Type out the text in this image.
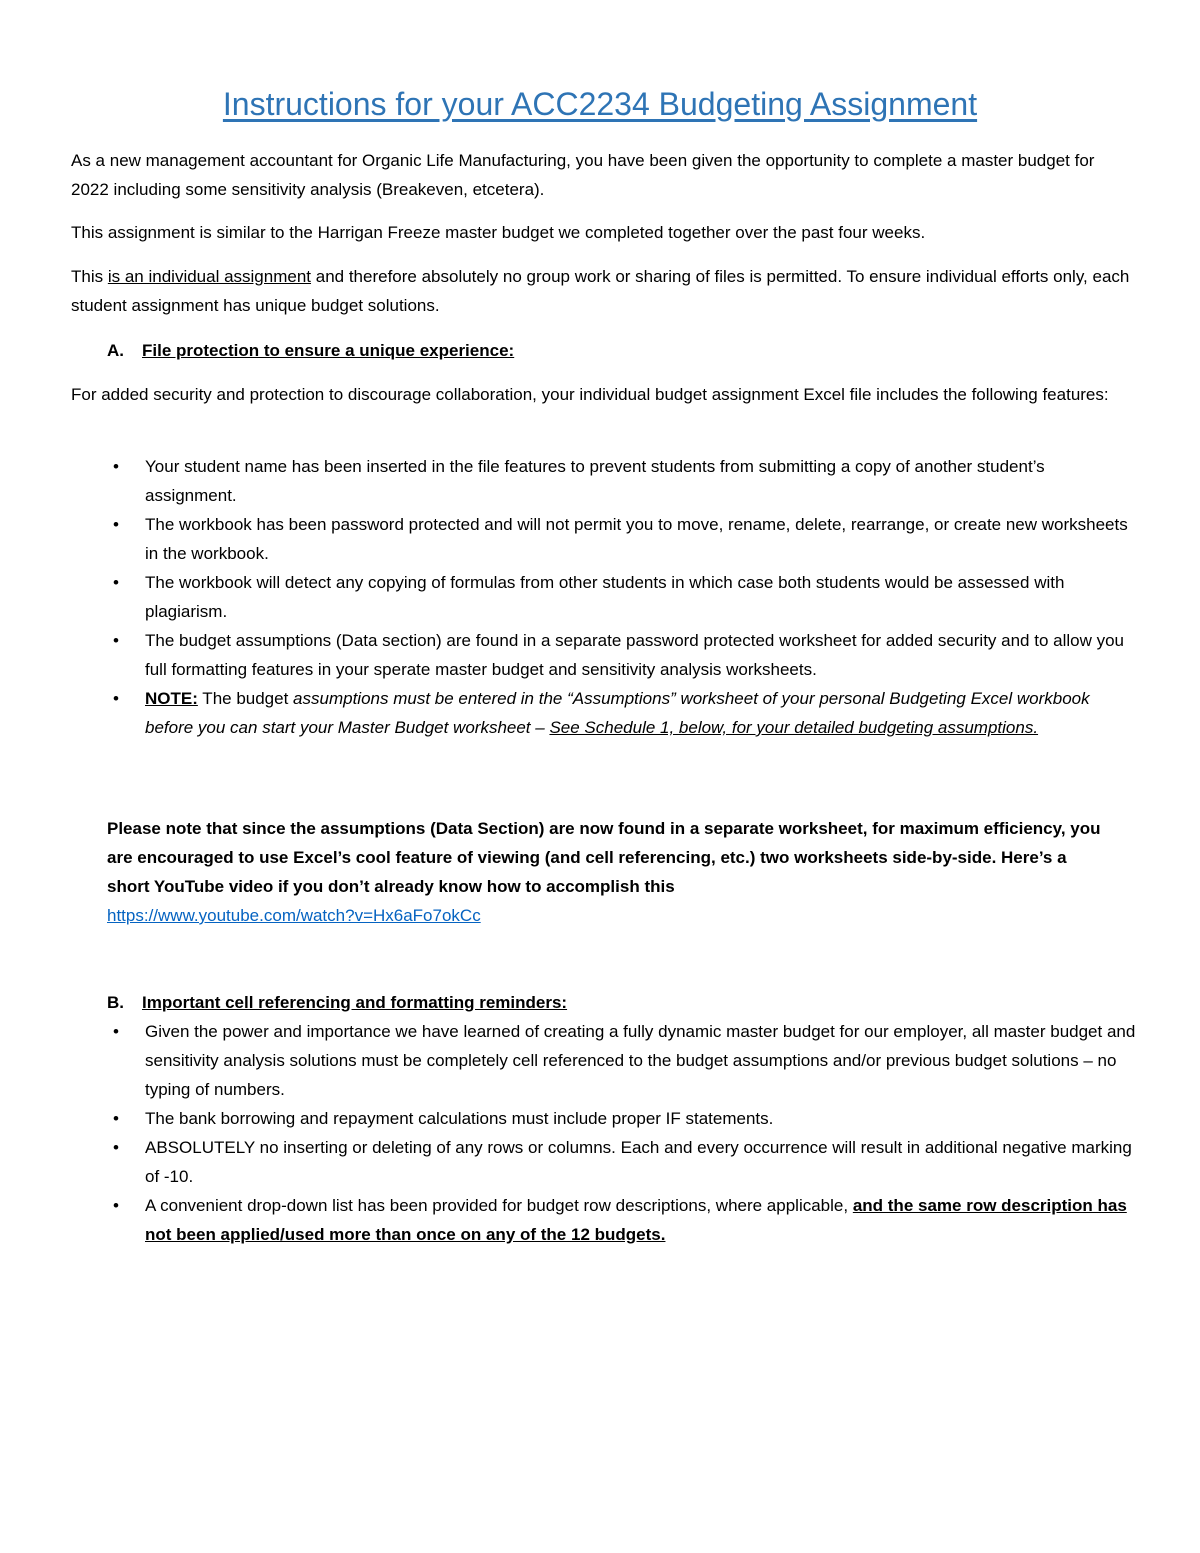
Instructions for your ACC2234 Budgeting Assignment

As a new management accountant for Organic Life Manufacturing, you have been given the opportunity to complete a master budget for 2022 including some sensitivity analysis (Breakeven, etcetera).

This assignment is similar to the Harrigan Freeze master budget we completed together over the past four weeks.

This is an individual assignment and therefore absolutely no group work or sharing of files is permitted. To ensure individual efforts only, each student assignment has unique budget solutions.

A. File protection to ensure a unique experience:

For added security and protection to discourage collaboration, your individual budget assignment Excel file includes the following features:

• Your student name has been inserted in the file features to prevent students from submitting a copy of another student’s assignment.
• The workbook has been password protected and will not permit you to move, rename, delete, rearrange, or create new worksheets in the workbook.
• The workbook will detect any copying of formulas from other students in which case both students would be assessed with plagiarism.
• The budget assumptions (Data section) are found in a separate password protected worksheet for added security and to allow you full formatting features in your sperate master budget and sensitivity analysis worksheets.
• NOTE: The budget assumptions must be entered in the “Assumptions” worksheet of your personal Budgeting Excel workbook before you can start your Master Budget worksheet – See Schedule 1, below, for your detailed budgeting assumptions.

Please note that since the assumptions (Data Section) are now found in a separate worksheet, for maximum efficiency, you are encouraged to use Excel’s cool feature of viewing (and cell referencing, etc.) two worksheets side-by-side. Here’s a short YouTube video if you don’t already know how to accomplish this
https://www.youtube.com/watch?v=Hx6aFo7okCc

B. Important cell referencing and formatting reminders:

• Given the power and importance we have learned of creating a fully dynamic master budget for our employer, all master budget and sensitivity analysis solutions must be completely cell referenced to the budget assumptions and/or previous budget solutions – no typing of numbers.
• The bank borrowing and repayment calculations must include proper IF statements.
• ABSOLUTELY no inserting or deleting of any rows or columns. Each and every occurrence will result in additional negative marking of -10.
• A convenient drop-down list has been provided for budget row descriptions, where applicable, and the same row description has not been applied/used more than once on any of the 12 budgets.
